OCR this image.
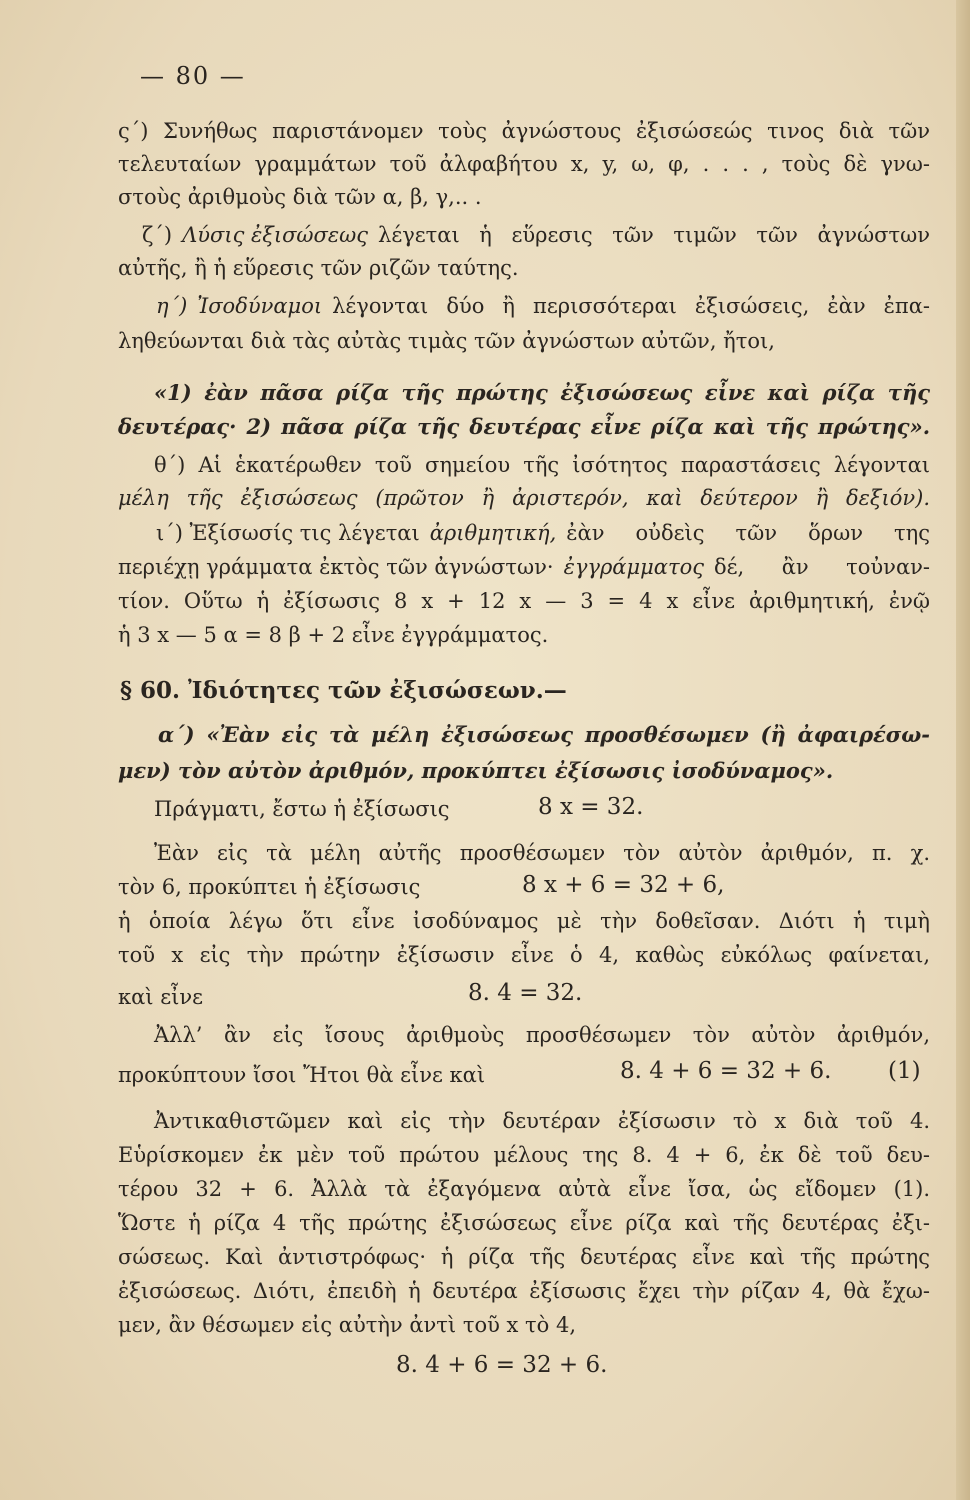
— 80 —
ς΄) Συνήθως παριστάνομεν τοὺς ἀγνώστους ἐξισώσεώς τινος διὰ τῶν
τελευταίων γραμμάτων τοῦ ἀλφαβήτου x, y, ω, φ, . . . , τοὺς δὲ γνω-
στοὺς ἀριθμοὺς διὰ τῶν α, β, γ,.. .
ζ΄) Λύσις ἐξισώσεως λέγεται ἡ εὕρεσις τῶν τιμῶν τῶν ἀγνώστων
αὐτῆς, ἢ ἡ εὕρεσις τῶν ριζῶν ταύτης.
η΄) Ἰσοδύναμοι λέγονται δύο ἢ περισσότεραι ἐξισώσεις, ἐὰν ἐπα-
ληθεύωνται διὰ τὰς αὐτὰς τιμὰς τῶν ἀγνώστων αὐτῶν, ἤτοι,
«1) ἐὰν πᾶσα ρίζα τῆς πρώτης ἐξισώσεως εἶνε καὶ ρίζα τῆς
δευτέρας· 2) πᾶσα ρίζα τῆς δευτέρας εἶνε ρίζα καὶ τῆς πρώτης».
θ΄) Αἱ ἑκατέρωθεν τοῦ σημείου τῆς ἰσότητος παραστάσεις λέγονται
μέλη τῆς ἐξισώσεως (πρῶτον ἢ ἀριστερόν, καὶ δεύτερον ἢ δεξιόν).
ι΄) Ἐξίσωσίς τις λέγεται ἀριθμητική, ἐὰν οὐδεὶς τῶν ὅρων της
περιέχῃ γράμματα ἐκτὸς τῶν ἀγνώστων· ἐγγράμματος δέ, ἂν τοὐναν-
τίον. Οὕτω ἡ ἐξίσωσις 8 x + 12 x — 3 = 4 x εἶνε ἀριθμητική, ἐνῷ
ἡ 3 x — 5 α = 8 β + 2 εἶνε ἐγγράμματος.
§ 60. Ἰδιότητες τῶν ἐξισώσεων.—
α΄) «Ἐὰν εἰς τὰ μέλη ἐξισώσεως προσθέσωμεν (ἢ ἀφαιρέσω-
μεν) τὸν αὐτὸν ἀριθμόν, προκύπτει ἐξίσωσις ἰσοδύναμος».
Πράγματι, ἔστω ἡ ἐξίσωσις	8 x = 32.
Ἐὰν εἰς τὰ μέλη αὐτῆς προσθέσωμεν τὸν αὐτὸν ἀριθμόν, π. χ.
τὸν 6, προκύπτει ἡ ἐξίσωσις	8 x + 6 = 32 + 6,
ἡ ὁποία λέγω ὅτι εἶνε ἰσοδύναμος μὲ τὴν δοθεῖσαν. Διότι ἡ τιμὴ
τοῦ x εἰς τὴν πρώτην ἐξίσωσιν εἶνε ὁ 4, καθὼς εὐκόλως φαίνεται,
καὶ εἶνε	8. 4 = 32.
Ἀλλ’ ἂν εἰς ἴσους ἀριθμοὺς προσθέσωμεν τὸν αὐτὸν ἀριθμόν,
προκύπτουν ἴσοι Ἤτοι θὰ εἶνε καὶ	8. 4 + 6 = 32 + 6. (1)
Ἀντικαθιστῶμεν καὶ εἰς τὴν δευτέραν ἐξίσωσιν τὸ x διὰ τοῦ 4.
Εὑρίσκομεν ἐκ μὲν τοῦ πρώτου μέλους της 8. 4 + 6, ἐκ δὲ τοῦ δευ-
τέρου 32 + 6. Ἀλλὰ τὰ ἐξαγόμενα αὐτὰ εἶνε ἴσα, ὡς εἴδομεν (1).
Ὥστε ἡ ρίζα 4 τῆς πρώτης ἐξισώσεως εἶνε ρίζα καὶ τῆς δευτέρας ἐξι-
σώσεως. Καὶ ἀντιστρόφως· ἡ ρίζα τῆς δευτέρας εἶνε καὶ τῆς πρώτης
ἐξισώσεως. Διότι, ἐπειδὴ ἡ δευτέρα ἐξίσωσις ἔχει τὴν ρίζαν 4, θὰ ἔχω-
μεν, ἂν θέσωμεν εἰς αὐτὴν ἀντὶ τοῦ x τὸ 4,
8. 4 + 6 = 32 + 6.
